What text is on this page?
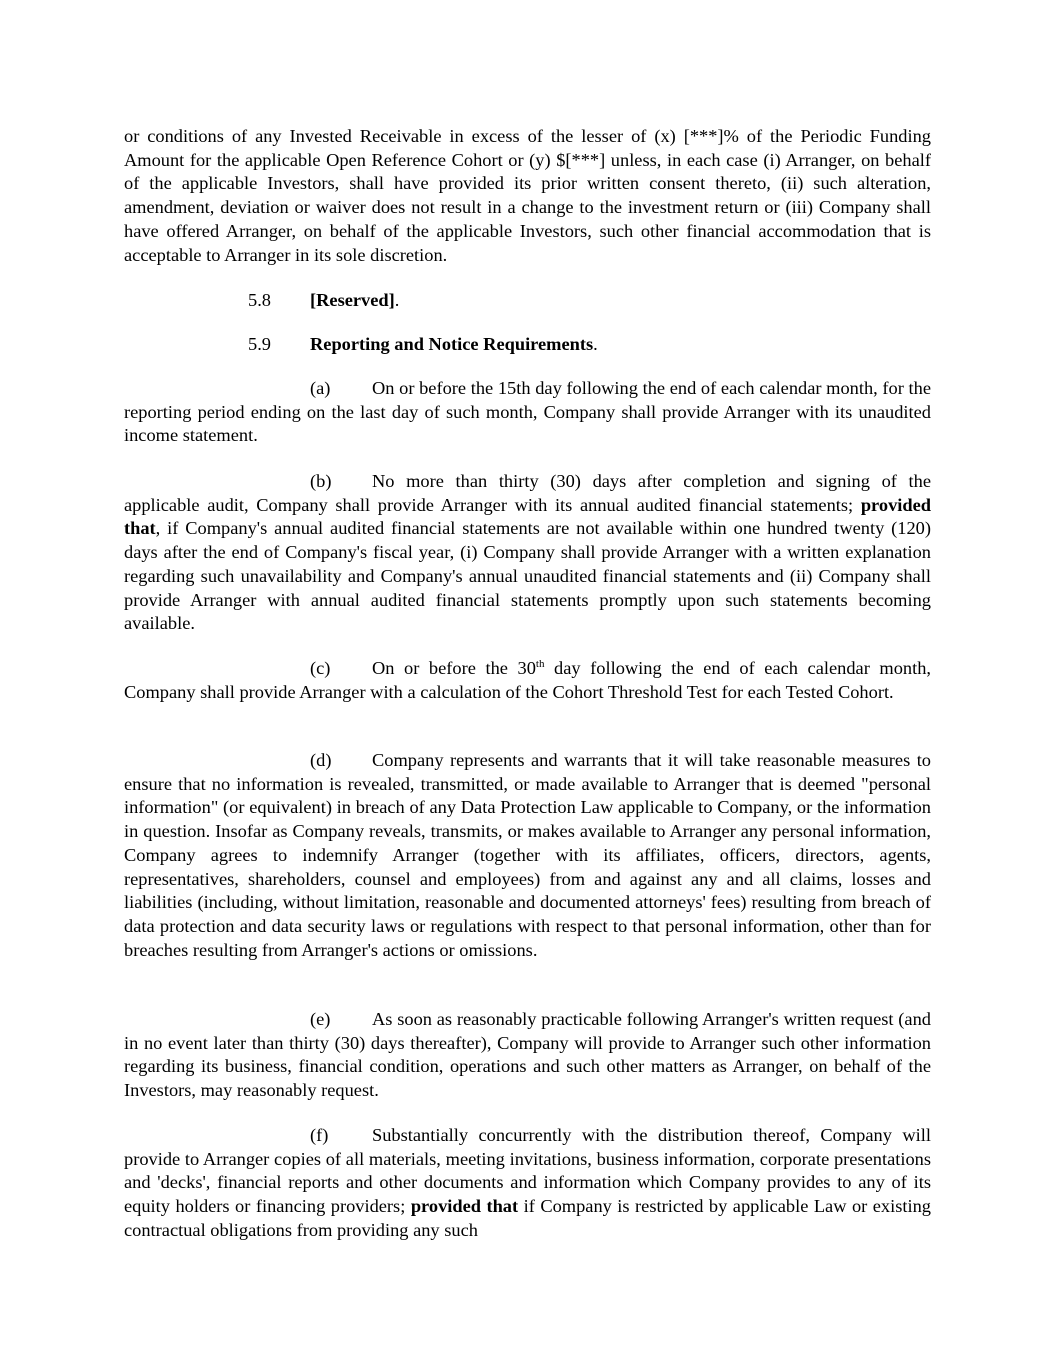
or conditions of any Invested Receivable in excess of the lesser of (x) [***]% of the Periodic Funding Amount for the applicable Open Reference Cohort or (y) $[***] unless, in each case (i) Arranger, on behalf of the applicable Investors, shall have provided its prior written consent thereto, (ii) such alteration, amendment, deviation or waiver does not result in a change to the investment return or (iii) Company shall have offered Arranger, on behalf of the applicable Investors, such other financial accommodation that is acceptable to Arranger in its sole discretion.

5.8 [Reserved].

5.9 Reporting and Notice Requirements.

(a) On or before the 15th day following the end of each calendar month, for the reporting period ending on the last day of such month, Company shall provide Arranger with its unaudited income statement.

(b) No more than thirty (30) days after completion and signing of the applicable audit, Company shall provide Arranger with its annual audited financial statements; provided that, if Company's annual audited financial statements are not available within one hundred twenty (120) days after the end of Company's fiscal year, (i) Company shall provide Arranger with a written explanation regarding such unavailability and Company's annual unaudited financial statements and (ii) Company shall provide Arranger with annual audited financial statements promptly upon such statements becoming available.

(c) On or before the 30th day following the end of each calendar month, Company shall provide Arranger with a calculation of the Cohort Threshold Test for each Tested Cohort.

(d) Company represents and warrants that it will take reasonable measures to ensure that no information is revealed, transmitted, or made available to Arranger that is deemed "personal information" (or equivalent) in breach of any Data Protection Law applicable to Company, or the information in question. Insofar as Company reveals, transmits, or makes available to Arranger any personal information, Company agrees to indemnify Arranger (together with its affiliates, officers, directors, agents, representatives, shareholders, counsel and employees) from and against any and all claims, losses and liabilities (including, without limitation, reasonable and documented attorneys' fees) resulting from breach of data protection and data security laws or regulations with respect to that personal information, other than for breaches resulting from Arranger's actions or omissions.

(e) As soon as reasonably practicable following Arranger's written request (and in no event later than thirty (30) days thereafter), Company will provide to Arranger such other information regarding its business, financial condition, operations and such other matters as Arranger, on behalf of the Investors, may reasonably request.

(f) Substantially concurrently with the distribution thereof, Company will provide to Arranger copies of all materials, meeting invitations, business information, corporate presentations and 'decks', financial reports and other documents and information which Company provides to any of its equity holders or financing providers; provided that if Company is restricted by applicable Law or existing contractual obligations from providing any such
